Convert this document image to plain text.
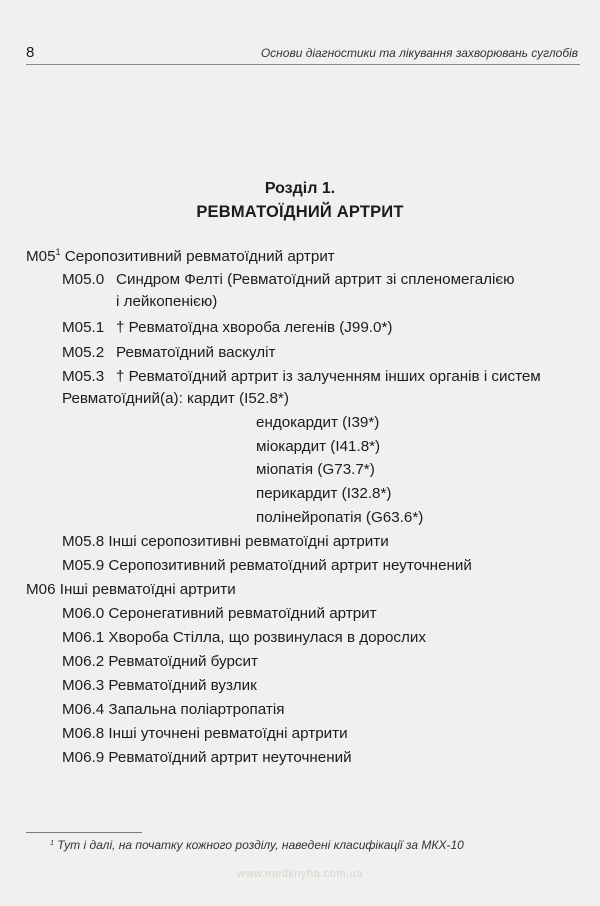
8	Основи діагностики та лікування захворювань суглобів
Розділ 1.
РЕВМАТОЇДНИЙ АРТРИТ
$М05^1$ Серопозитивний ревматоїдний артрит
М05.0 Синдром Фелті (Ревматоїдний артрит зі спленомегалією
і лейкопенією)
М05.1 † Ревматоїдна хвороба легенів (J99.0*)
М05.2 Ревматоїдний васкуліт
М05.3 † Ревматоїдний артрит із залученням інших органів і систем
Ревматоїдний(а): кардит (I52.8*)
ендокардит (I39*)
міокардит (I41.8*)
міопатія (G73.7*)
перикардит (I32.8*)
полінейропатія (G63.6*)
М05.8 Інші серопозитивні ревматоїдні артрити
М05.9 Серопозитивний ревматоїдний артрит неуточнений
М06 Інші ревматоїдні артрити
М06.0 Серонегативний ревматоїдний артрит
М06.1 Хвороба Стілла, що розвинулася в дорослих
М06.2 Ревматоїдний бурсит
М06.3 Ревматоїдний вузлик
М06.4 Запальна поліартропатія
М06.8 Інші уточнені ревматоїдні артрити
М06.9 Ревматоїдний артрит неуточнений
$^1$ Тут і далі, на початку кожного розділу, наведені класифікації за МКХ-10
www.medknyha.com.ua
